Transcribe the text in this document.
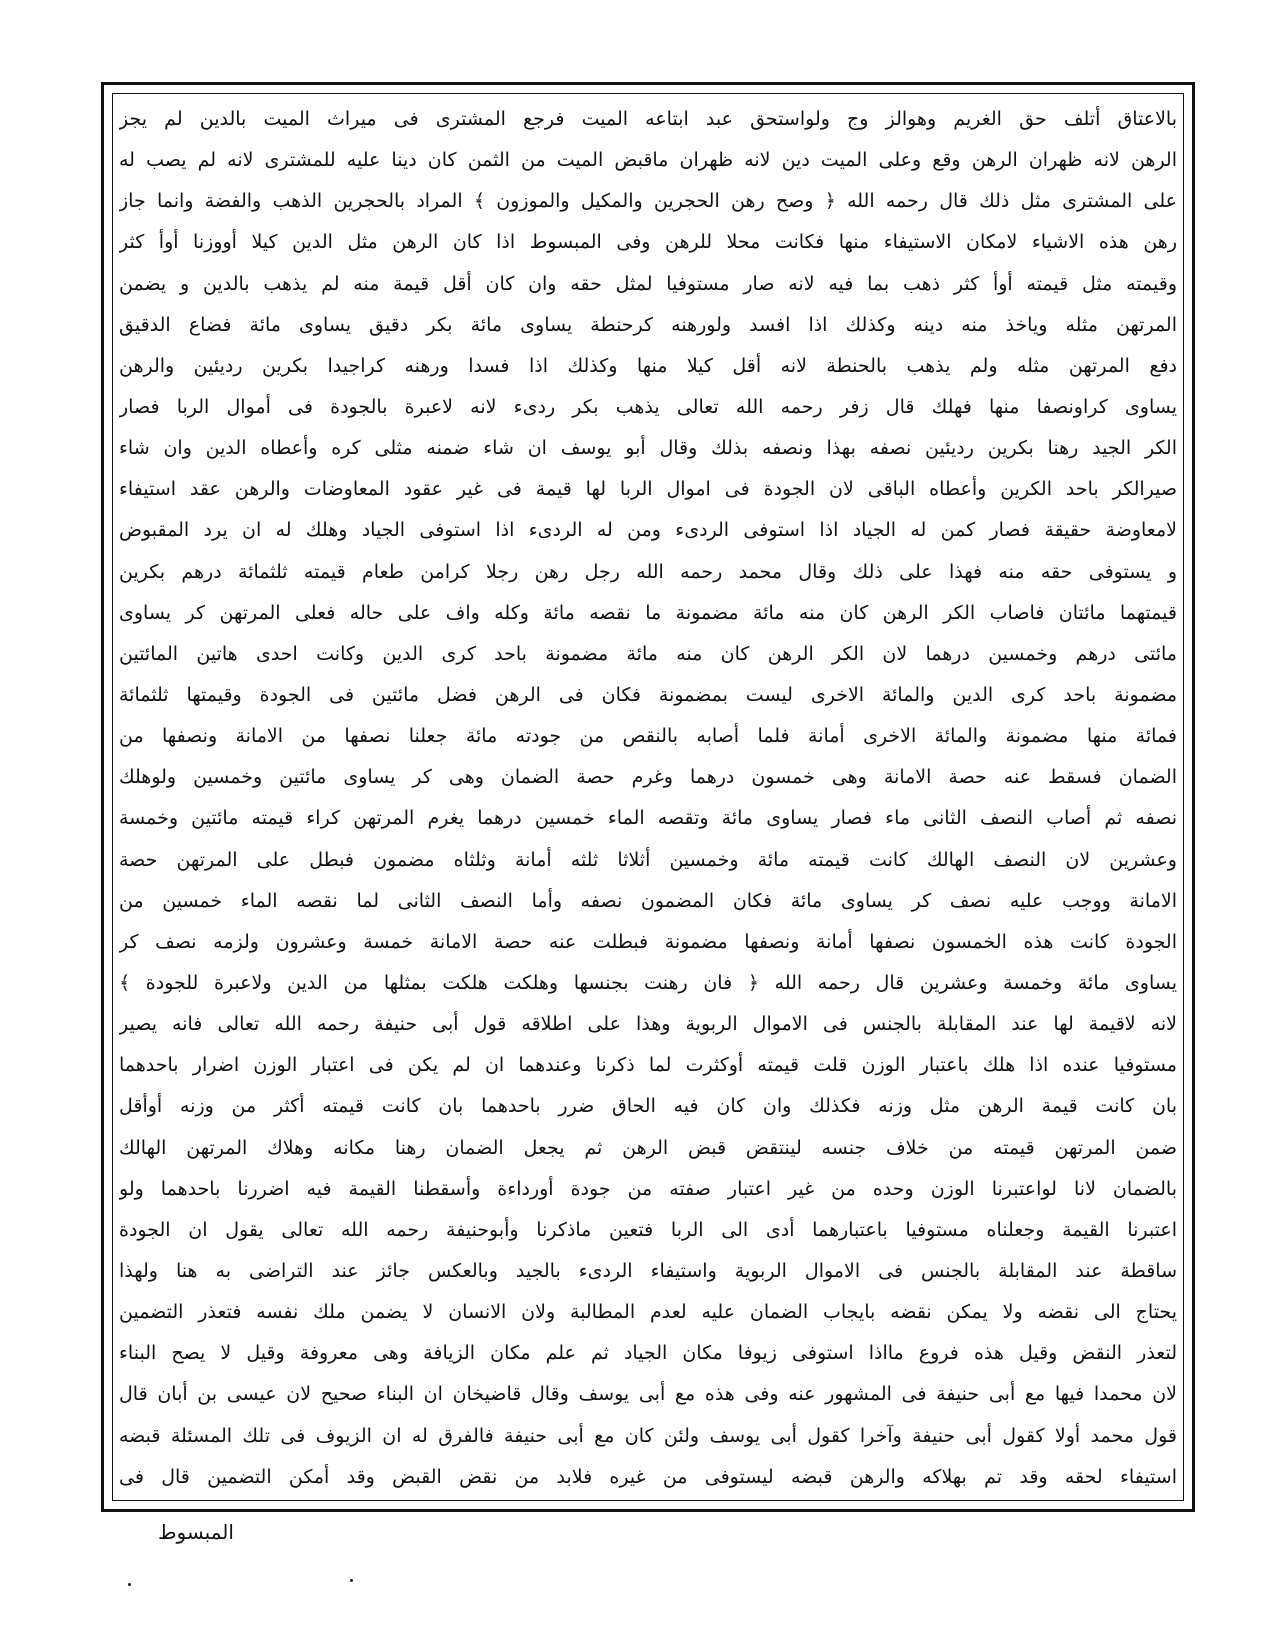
بالاعتاق أتلف حق الغريم وهوالز وج ولواستحق عبد ابتاعه الميت فرجع المشترى فى ميراث الميت بالدين لم يجز
الرهن لانه ظهران الرهن وقع وعلى الميت دين لانه ظهران ماقبض الميت من الثمن كان دينا عليه للمشترى لانه لم يصب له
على المشترى مثل ذلك قال رحمه الله ﴿ وصح رهن الحجرين والمكيل والموزون ﴾ المراد بالحجرين الذهب والفضة وانما جاز
رهن هذه الاشياء لامكان الاستيفاء منها فكانت محلا للرهن وفى المبسوط اذا كان الرهن مثل الدين كيلا أووزنا أوأ كثر
وقيمته مثل قيمته أوأ كثر ذهب بما فيه لانه صار مستوفيا لمثل حقه وان كان أقل قيمة منه لم يذهب بالدين و يضمن
المرتهن مثله وياخذ منه دينه وكذلك اذا افسد ولورهنه كرحنطة يساوى مائة بكر دقيق يساوى مائة فضاع الدقيق
دفع المرتهن مثله ولم يذهب بالحنطة لانه أقل كيلا منها وكذلك اذا فسدا ورهنه كراجيدا بكرين رديئين والرهن
يساوى كراونصفا منها فهلك قال زفر رحمه الله تعالى يذهب بكر ردىء لانه لاعبرة بالجودة فى أموال الربا فصار
الكر الجيد رهنا بكرين رديئين نصفه بهذا ونصفه بذلك وقال أبو يوسف ان شاء ضمنه مثلى كره وأعطاه الدين وان شاء
صيرالكر باحد الكرين وأعطاه الباقى لان الجودة فى اموال الربا لها قيمة فى غير عقود المعاوضات والرهن عقد استيفاء
لامعاوضة حقيقة فصار كمن له الجياد اذا استوفى الردىء ومن له الردىء اذا استوفى الجياد وهلك له ان يرد المقبوض
و يستوفى حقه منه فهذا على ذلك وقال محمد رحمه الله رجل رهن رجلا كرامن طعام قيمته ثلثمائة درهم بكرين
قيمتهما مائتان فاصاب الكر الرهن كان منه مائة مضمونة ما نقصه مائة وكله واف على حاله فعلى المرتهن كر يساوى
مائتى درهم وخمسين درهما لان الكر الرهن كان منه مائة مضمونة باحد كرى الدين وكانت احدى هاتين المائتين
مضمونة باحد كرى الدين والمائة الاخرى ليست بمضمونة فكان فى الرهن فضل مائتين فى الجودة وقيمتها ثلثمائة
فمائة منها مضمونة والمائة الاخرى أمانة فلما أصابه بالنقص من جودته مائة جعلنا نصفها من الامانة ونصفها من
الضمان فسقط عنه حصة الامانة وهى خمسون درهما وغرم حصة الضمان وهى كر يساوى مائتين وخمسين ولوهلك
نصفه ثم أصاب النصف الثانى ماء فصار يساوى مائة وتقصه الماء خمسين درهما يغرم المرتهن كراء قيمته مائتين وخمسة
وعشرين لان النصف الهالك كانت قيمته مائة وخمسين أثلاثا ثلثه أمانة وثلثاه مضمون فبطل على المرتهن حصة
الامانة ووجب عليه نصف كر يساوى مائة فكان المضمون نصفه وأما النصف الثانى لما نقصه الماء خمسين من
الجودة كانت هذه الخمسون نصفها أمانة ونصفها مضمونة فبطلت عنه حصة الامانة خمسة وعشرون ولزمه نصف كر
يساوى مائة وخمسة وعشرين قال رحمه الله ﴿ فان رهنت بجنسها وهلكت هلكت بمثلها من الدين ولاعبرة للجودة ﴾
لانه لاقيمة لها عند المقابلة بالجنس فى الاموال الربوية وهذا على اطلاقه قول أبى حنيفة رحمه الله تعالى فانه يصير
مستوفيا عنده اذا هلك باعتبار الوزن قلت قيمته أوكثرت لما ذكرنا وعندهما ان لم يكن فى اعتبار الوزن اضرار باحدهما
بان كانت قيمة الرهن مثل وزنه فكذلك وان كان فيه الحاق ضرر باحدهما بان كانت قيمته أكثر من وزنه أوأقل
ضمن المرتهن قيمته من خلاف جنسه لينتقض قبض الرهن ثم يجعل الضمان رهنا مكانه وهلاك المرتهن الهالك
بالضمان لانا لواعتبرنا الوزن وحده من غير اعتبار صفته من جودة أورداءة وأسقطنا القيمة فيه اضررنا باحدهما ولو
اعتبرنا القيمة وجعلناه مستوفيا باعتبارهما أدى الى الربا فتعين ماذكرنا وأبوحنيفة رحمه الله تعالى يقول ان الجودة
ساقطة عند المقابلة بالجنس فى الاموال الربوية واستيفاء الردىء بالجيد وبالعكس جائز عند التراضى به هنا ولهذا
يحتاج الى نقضه ولا يمكن نقضه بايجاب الضمان عليه لعدم المطالبة ولان الانسان لا يضمن ملك نفسه فتعذر التضمين
لتعذر النقض وقيل هذه فروع مااذا استوفى زيوفا مكان الجياد ثم علم مكان الزيافة وهى معروفة وقيل لا يصح البناء
لان محمدا فيها مع أبى حنيفة فى المشهور عنه وفى هذه مع أبى يوسف وقال قاضيخان ان البناء صحيح لان عيسى بن أبان قال
قول محمد أولا كقول أبى حنيفة وآخرا كقول أبى يوسف ولئن كان مع أبى حنيفة فالفرق له ان الزيوف فى تلك المسئلة قبضه
استيفاء لحقه وقد تم بهلاكه والرهن قبضه ليستوفى من غيره فلابد من نقض القبض وقد أمكن التضمين قال فى
المبسوط
